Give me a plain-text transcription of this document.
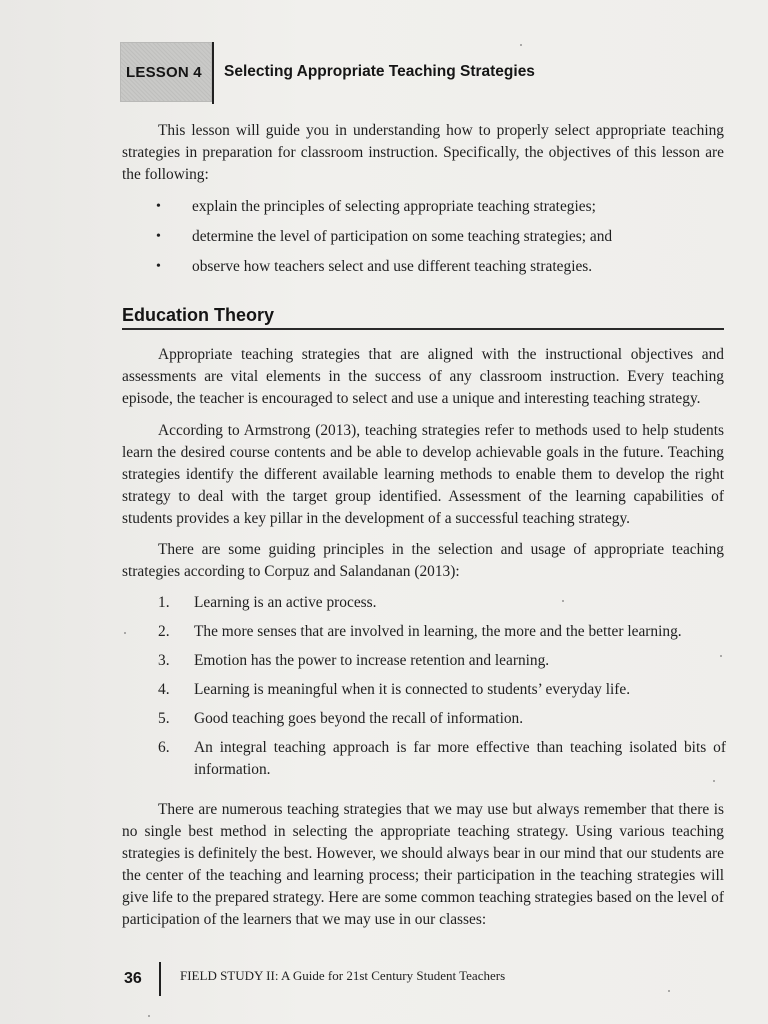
LESSON 4 Selecting Appropriate Teaching Strategies

This lesson will guide you in understanding how to properly select appropriate teaching strategies in preparation for classroom instruction. Specifically, the objectives of this lesson are the following:

• explain the principles of selecting appropriate teaching strategies;
• determine the level of participation on some teaching strategies; and
• observe how teachers select and use different teaching strategies.
Education Theory

Appropriate teaching strategies that are aligned with the instructional objectives and assessments are vital elements in the success of any classroom instruction. Every teaching episode, the teacher is encouraged to select and use a unique and interesting teaching strategy.

According to Armstrong (2013), teaching strategies refer to methods used to help students learn the desired course contents and be able to develop achievable goals in the future. Teaching strategies identify the different available learning methods to enable them to develop the right strategy to deal with the target group identified. Assessment of the learning capabilities of students provides a key pillar in the development of a successful teaching strategy.

There are some guiding principles in the selection and usage of appropriate teaching strategies according to Corpuz and Salandanan (2013):

1. Learning is an active process.
2. The more senses that are involved in learning, the more and the better learning.
3. Emotion has the power to increase retention and learning.
4. Learning is meaningful when it is connected to students’ everyday life.
5. Good teaching goes beyond the recall of information.
6. An integral teaching approach is far more effective than teaching isolated bits of information.

There are numerous teaching strategies that we may use but always remember that there is no single best method in selecting the appropriate teaching strategy. Using various teaching strategies is definitely the best. However, we should always bear in our mind that our students are the center of the teaching and learning process; their participation in the teaching strategies will give life to the prepared strategy. Here are some common teaching strategies based on the level of participation of the learners that we may use in our classes:

36	FIELD STUDY II: A Guide for 21st Century Student Teachers
